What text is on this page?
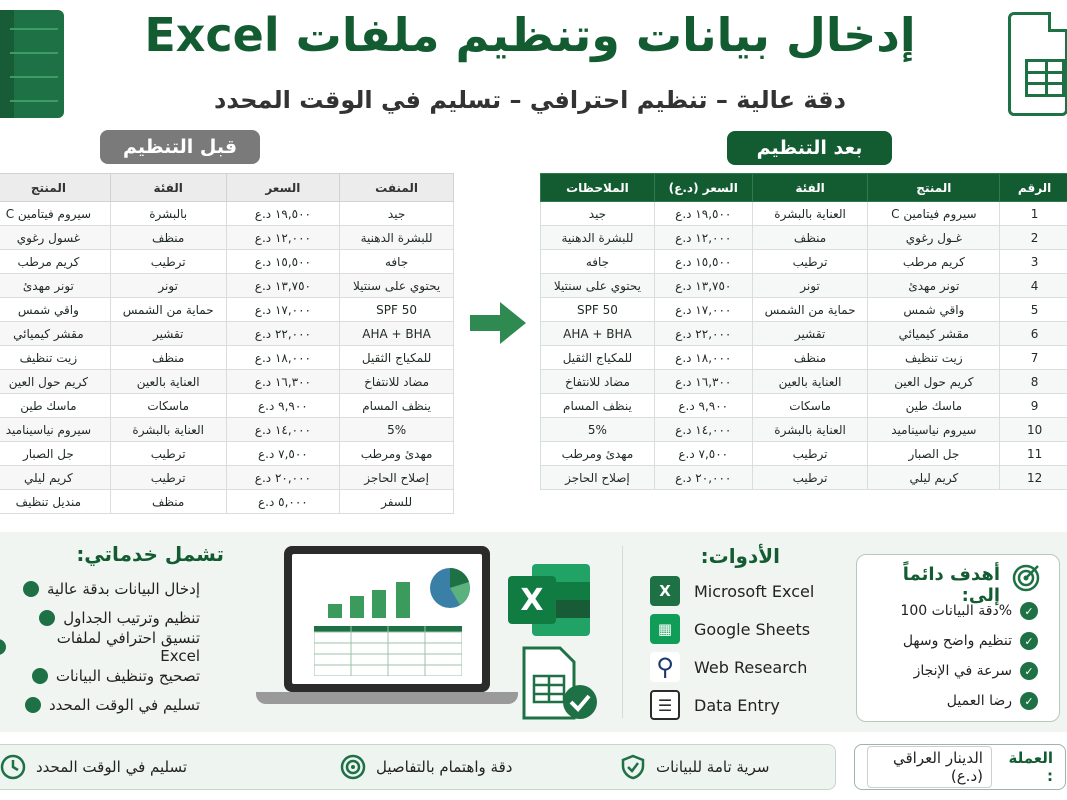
إدخال بيانات وتنظيم ملفات Excel
دقة عالية – تنظيم احترافي – تسليم في الوقت المحدد
قبل التنظيم	بعد التنظيم
المنفت	السعر	الفئة	المنتج
جيد	١٩,٥٠٠ د.ع	بالبشرة	سيروم فيتامين C
للبشرة الدهنية	١٢,٠٠٠ د.ع	منظف	غسول رغوي
جافه	١٥,٥٠٠ د.ع	ترطيب	كريم مرطب
يحتوي على سنتيلا	١٣,٧٥٠ د.ع	تونر	تونر مهدئ
SPF 50	١٧,٠٠٠ د.ع	حماية من الشمس	واقي شمس
AHA + BHA	٢٢,٠٠٠ د.ع	تقشير	مقشر كيميائي
للمكياج الثقيل	١٨,٠٠٠ د.ع	منظف	زيت تنظيف
مضاد للانتفاخ	١٦,٣٠٠ د.ع	العناية بالعين	كريم حول العين
ينظف المسام	٩,٩٠٠ د.ع	ماسكات	ماسك طين
5%	١٤,٠٠٠ د.ع	العناية بالبشرة	سيروم نياسيناميد
مهدئ ومرطب	٧,٥٠٠ د.ع	ترطيب	جل الصبار
إصلاح الحاجز	٢٠,٠٠٠ د.ع	ترطيب	كريم ليلي
للسفر	٥,٠٠٠ د.ع	منظف	منديل تنظيف
الرقم	المنتج	الفئة	السعر (د.ع)	الملاحظات
1	سيروم فيتامين C	العناية بالبشرة	١٩,٥٠٠ د.ع	جيد
2	غـول رغوي	منظف	١٢,٠٠٠ د.ع	للبشرة الدهنية
3	كريم مرطب	ترطيب	١٥,٥٠٠ د.ع	جافه
4	تونر مهدئ	تونر	١٣,٧٥٠ د.ع	يحتوي على سنتيلا
5	واقي شمس	حماية من الشمس	١٧,٠٠٠ د.ع	SPF 50
6	مقشر كيميائي	تقشير	٢٢,٠٠٠ د.ع	AHA + BHA
7	زيت تنظيف	منظف	١٨,٠٠٠ د.ع	للمكياج الثقيل
8	كريم حول العين	العناية بالعين	١٦,٣٠٠ د.ع	مضاد للانتفاخ
9	ماسك طين	ماسكات	٩,٩٠٠ د.ع	ينظف المسام
10	سيروم نياسيناميد	العناية بالبشرة	١٤,٠٠٠ د.ع	5%
11	جل الصبار	ترطيب	٧,٥٠٠ د.ع	مهدئ ومرطب
12	كريم ليلي	ترطيب	٢٠,٠٠٠ د.ع	إصلاح الحاجز
تشمل خدماتي:
إدخال البيانات بدقة عالية
تنظيم وترتيب الجداول
تنسيق احترافي لملفات Excel
تصحيح وتنظيف البيانات
تسليم في الوقت المحدد
X
الأدوات:
X	Microsoft Excel
▦	Google Sheets
⚲	Web Research
☰	Data Entry
أهدف دائماً إلى:
دقة البيانات 100%	✓
تنظيم واضح وسهل	✓
سرعة في الإنجاز	✓
رضا العميل	✓
تسليم في الوقت المحدد	دقة واهتمام بالتفاصيل	سرية تامة للبيانات	العملة :
الدينار العراقي (د.ع)
